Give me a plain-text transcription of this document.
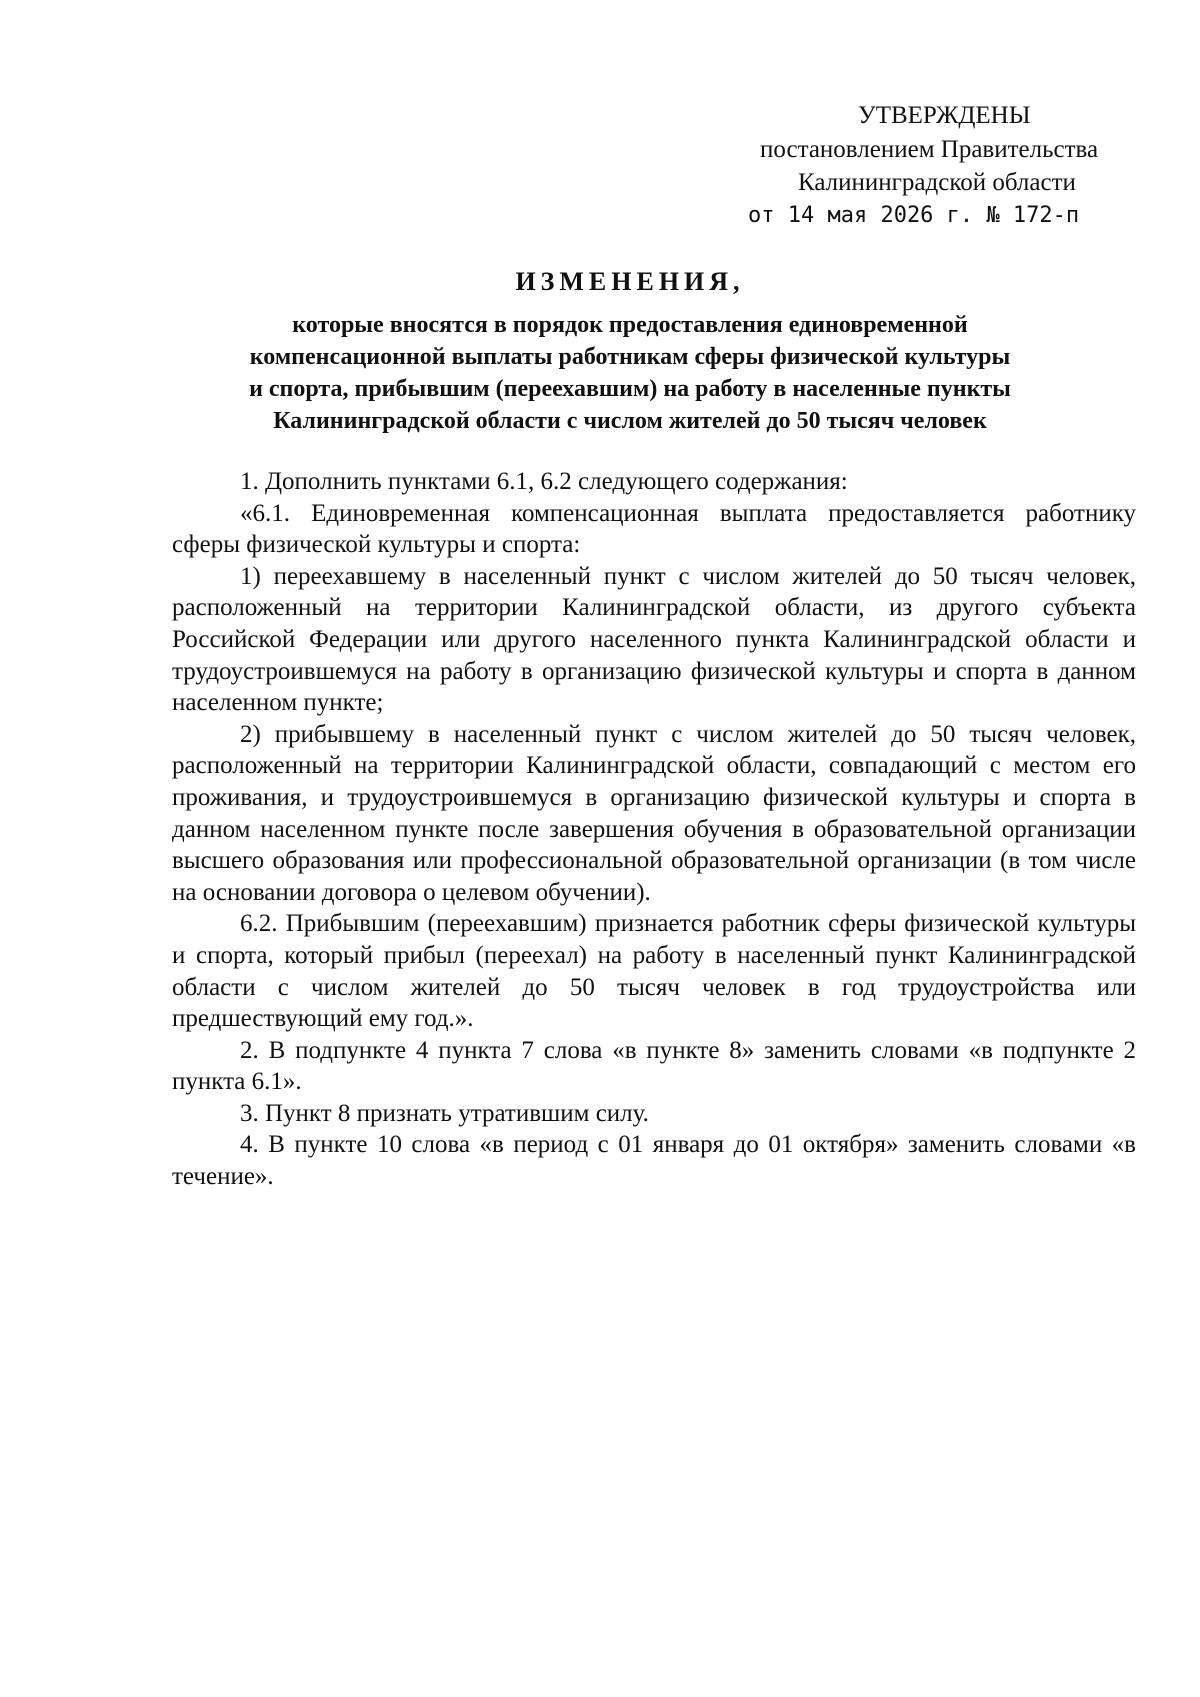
УТВЕРЖДЕНЫ
постановлением Правительства
Калининградской области
от 14 мая 2026 г. № 172-п
ИЗМЕНЕНИЯ,
которые вносятся в порядок предоставления единовременной
компенсационной выплаты работникам сферы физической культуры
и спорта, прибывшим (переехавшим) на работу в населенные пункты
Калининградской области с числом жителей до 50 тысяч человек

1. Дополнить пунктами 6.1, 6.2 следующего содержания:

«6.1. Единовременная компенсационная выплата предоставляется работнику сферы физической культуры и спорта:

1) переехавшему в населенный пункт с числом жителей до 50 тысяч человек, расположенный на территории Калининградской области, из другого субъекта Российской Федерации или другого населенного пункта Калининградской области и трудоустроившемуся на работу в организацию физической культуры и спорта в данном населенном пункте;

2) прибывшему в населенный пункт с числом жителей до 50 тысяч человек, расположенный на территории Калининградской области, совпадающий с местом его проживания, и трудоустроившемуся в организацию физической культуры и спорта в данном населенном пункте после завершения обучения в образовательной организации высшего образования или профессиональной образовательной организации (в том числе на основании договора о целевом обучении).

6.2. Прибывшим (переехавшим) признается работник сферы физической культуры и спорта, который прибыл (переехал) на работу в населенный пункт Калининградской области с числом жителей до 50 тысяч человек в год трудоустройства или предшествующий ему год.».

2. В подпункте 4 пункта 7 слова «в пункте 8» заменить словами «в подпункте 2 пункта 6.1».

3. Пункт 8 признать утратившим силу.

4. В пункте 10 слова «в период с 01 января до 01 октября» заменить словами «в течение».
